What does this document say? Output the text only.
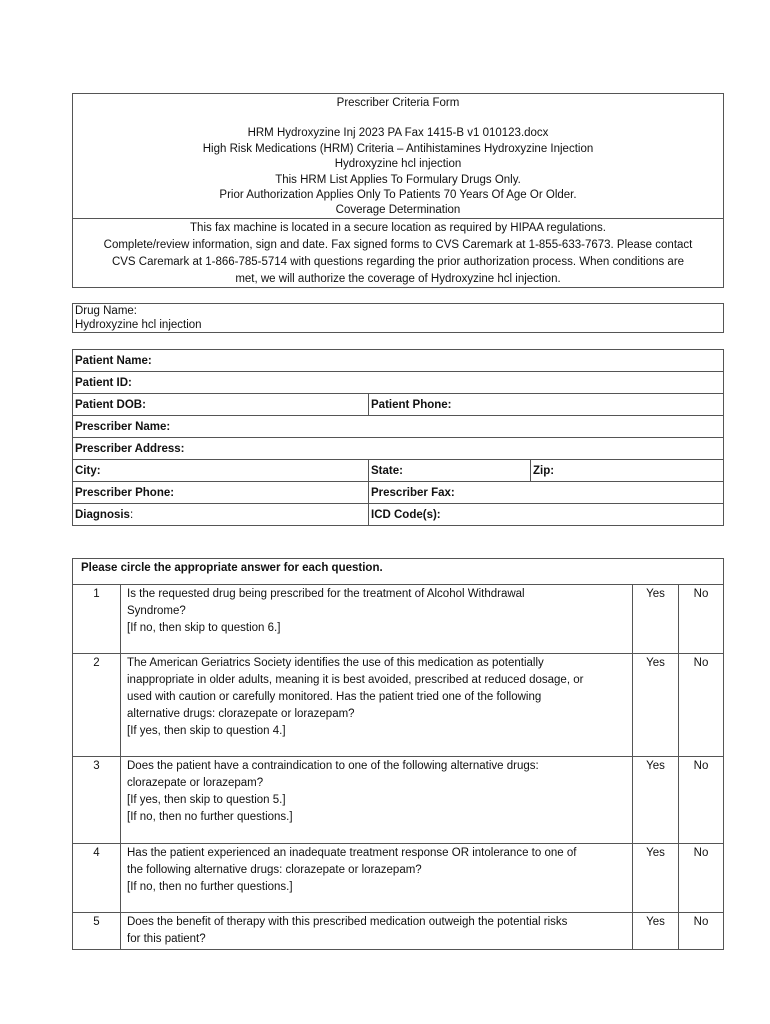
Prescriber Criteria Form
HRM Hydroxyzine Inj 2023 PA Fax 1415-B v1 010123.docx
High Risk Medications (HRM) Criteria – Antihistamines Hydroxyzine Injection
Hydroxyzine hcl injection
This HRM List Applies To Formulary Drugs Only.
Prior Authorization Applies Only To Patients 70 Years Of Age Or Older.
Coverage Determination
This fax machine is located in a secure location as required by HIPAA regulations.
Complete/review information, sign and date. Fax signed forms to CVS Caremark at 1-855-633-7673. Please contact
CVS Caremark at 1-866-785-5714 with questions regarding the prior authorization process. When conditions are
met, we will authorize the coverage of Hydroxyzine hcl injection.
Drug Name:
Hydroxyzine hcl injection
Patient Name:		
Patient ID:		
Patient DOB:	Patient Phone:	
Prescriber Name:		
Prescriber Address:		
City:	State:	Zip:
Prescriber Phone:	Prescriber Fax:	
Diagnosis:	ICD Code(s):	
Please circle the appropriate answer for each question.			
1	Is the requested drug being prescribed for the treatment of Alcohol Withdrawal
Syndrome?
[If no, then skip to question 6.]	Yes	No
2	The American Geriatrics Society identifies the use of this medication as potentially
inappropriate in older adults, meaning it is best avoided, prescribed at reduced dosage, or
used with caution or carefully monitored. Has the patient tried one of the following
alternative drugs: clorazepate or lorazepam?
[If yes, then skip to question 4.]	Yes	No
3	Does the patient have a contraindication to one of the following alternative drugs:
clorazepate or lorazepam?
[If yes, then skip to question 5.]
[If no, then no further questions.]	Yes	No
4	Has the patient experienced an inadequate treatment response OR intolerance to one of
the following alternative drugs: clorazepate or lorazepam?
[If no, then no further questions.]	Yes	No
5	Does the benefit of therapy with this prescribed medication outweigh the potential risks
for this patient?	Yes	No
